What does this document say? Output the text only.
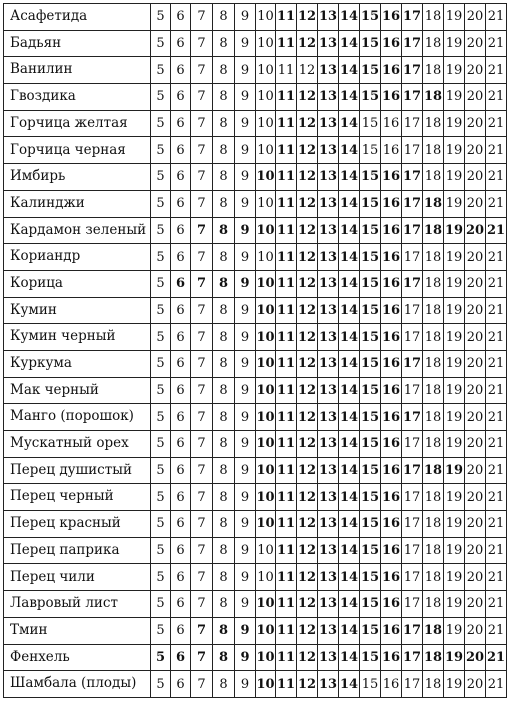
Асафетида	5	6	7	8	9	10	11	12	13	14	15	16	17	18	19	20	21
Бадьян	5	6	7	8	9	10	11	12	13	14	15	16	17	18	19	20	21
Ванилин	5	6	7	8	9	10	11	12	13	14	15	16	17	18	19	20	21
Гвоздика	5	6	7	8	9	10	11	12	13	14	15	16	17	18	19	20	21
Горчица желтая	5	6	7	8	9	10	11	12	13	14	15	16	17	18	19	20	21
Горчица черная	5	6	7	8	9	10	11	12	13	14	15	16	17	18	19	20	21
Имбирь	5	6	7	8	9	10	11	12	13	14	15	16	17	18	19	20	21
Калинджи	5	6	7	8	9	10	11	12	13	14	15	16	17	18	19	20	21
Кардамон зеленый	5	6	7	8	9	10	11	12	13	14	15	16	17	18	19	20	21
Кориандр	5	6	7	8	9	10	11	12	13	14	15	16	17	18	19	20	21
Корица	5	6	7	8	9	10	11	12	13	14	15	16	17	18	19	20	21
Кумин	5	6	7	8	9	10	11	12	13	14	15	16	17	18	19	20	21
Кумин черный	5	6	7	8	9	10	11	12	13	14	15	16	17	18	19	20	21
Куркума	5	6	7	8	9	10	11	12	13	14	15	16	17	18	19	20	21
Мак черный	5	6	7	8	9	10	11	12	13	14	15	16	17	18	19	20	21
Манго (порошок)	5	6	7	8	9	10	11	12	13	14	15	16	17	18	19	20	21
Мускатный орех	5	6	7	8	9	10	11	12	13	14	15	16	17	18	19	20	21
Перец душистый	5	6	7	8	9	10	11	12	13	14	15	16	17	18	19	20	21
Перец черный	5	6	7	8	9	10	11	12	13	14	15	16	17	18	19	20	21
Перец красный	5	6	7	8	9	10	11	12	13	14	15	16	17	18	19	20	21
Перец паприка	5	6	7	8	9	10	11	12	13	14	15	16	17	18	19	20	21
Перец чили	5	6	7	8	9	10	11	12	13	14	15	16	17	18	19	20	21
Лавровый лист	5	6	7	8	9	10	11	12	13	14	15	16	17	18	19	20	21
Тмин	5	6	7	8	9	10	11	12	13	14	15	16	17	18	19	20	21
Фенхель	5	6	7	8	9	10	11	12	13	14	15	16	17	18	19	20	21
Шамбала (плоды)	5	6	7	8	9	10	11	12	13	14	15	16	17	18	19	20	21
